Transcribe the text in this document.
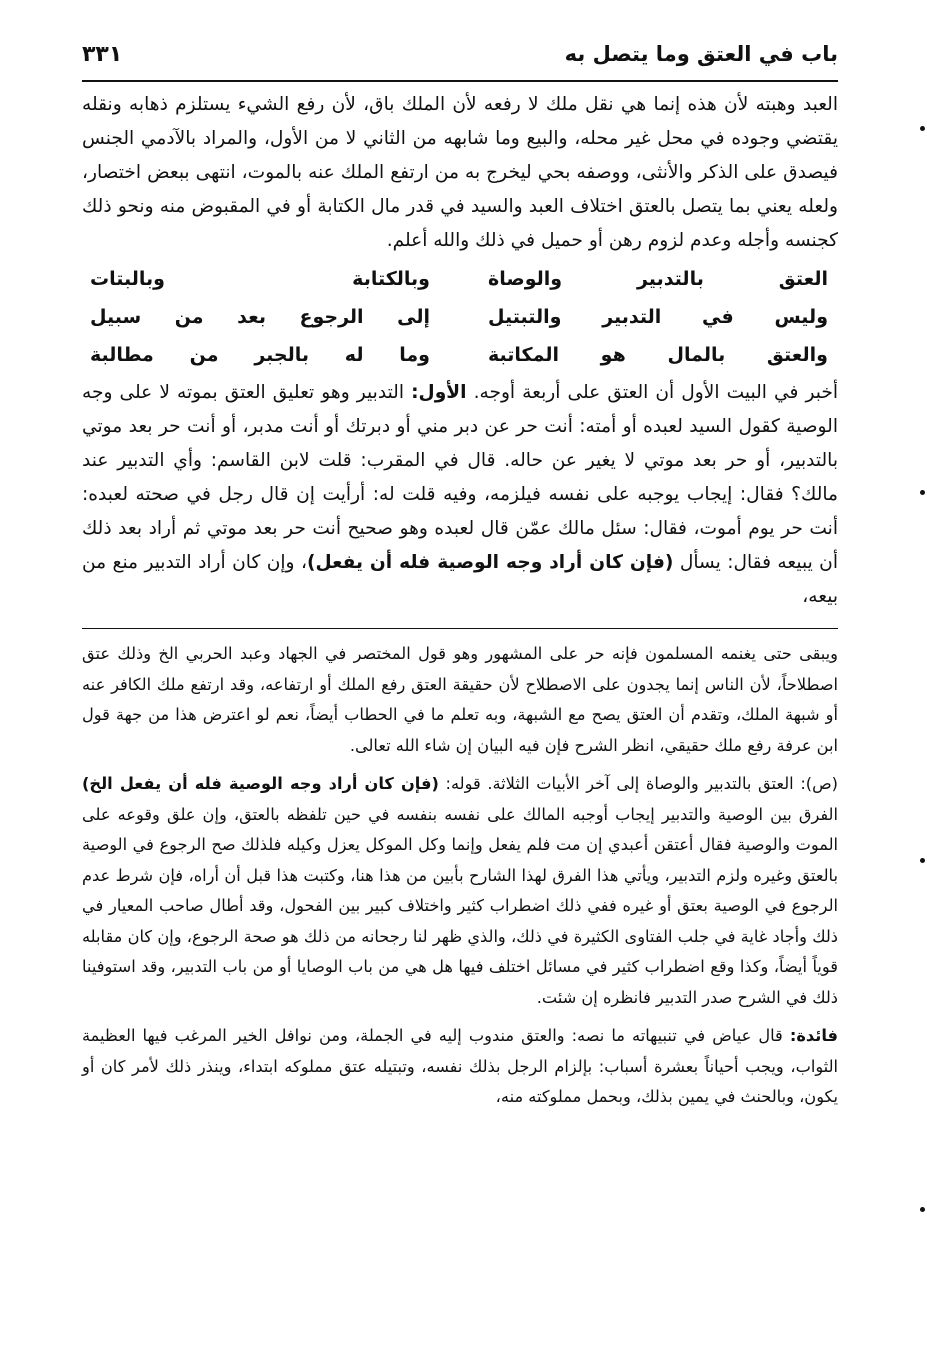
باب في العتق وما يتصل به
٣٣١

العبد وهبته لأن هذه إنما هي نقل ملك لا رفعه لأن الملك باق، لأن رفع الشيء يستلزم ذهابه ونقله يقتضي وجوده في محل غير محله، والبيع وما شابهه من الثاني لا من الأول، والمراد بالآدمي الجنس فيصدق على الذكر والأنثى، ووصفه بحي ليخرج به من ارتفع الملك عنه بالموت، انتهى ببعض اختصار، ولعله يعني بما يتصل بالعتق اختلاف العبد والسيد في قدر مال الكتابة أو في المقبوض منه ونحو ذلك كجنسه وأجله وعدم لزوم رهن أو حميل في ذلك والله أعلم.

العتق بالتدبير والوصاة
وبالكتابة وبالبتات
وليس في التدبير والتبتيل
إلى الرجوع بعد من سبيل
والعتق بالمال هو المكاتبة
وما له بالجبر من مطالبة

أخبر في البيت الأول أن العتق على أربعة أوجه. الأول: التدبير وهو تعليق العتق بموته لا على وجه الوصية كقول السيد لعبده أو أمته: أنت حر عن دبر مني أو دبرتك أو أنت مدبر، أو أنت حر بعد موتي بالتدبير، أو حر بعد موتي لا يغير عن حاله. قال في المقرب: قلت لابن القاسم: وأي التدبير عند مالك؟ فقال: إيجاب يوجبه على نفسه فيلزمه، وفيه قلت له: أرأيت إن قال رجل في صحته لعبده: أنت حر يوم أموت، فقال: سئل مالك عمّن قال لعبده وهو صحيح أنت حر بعد موتي ثم أراد بعد ذلك أن يبيعه فقال: يسأل (فإن كان أراد وجه الوصية فله أن يفعل)، وإن كان أراد التدبير منع من بيعه،

ويبقى حتى يغنمه المسلمون فإنه حر على المشهور وهو قول المختصر في الجهاد وعبد الحربي الخ وذلك عتق اصطلاحاً، لأن الناس إنما يجدون على الاصطلاح لأن حقيقة العتق رفع الملك أو ارتفاعه، وقد ارتفع ملك الكافر عنه أو شبهة الملك، وتقدم أن العتق يصح مع الشبهة، وبه تعلم ما في الحطاب أيضاً، نعم لو اعترض هذا من جهة قول ابن عرفة رفع ملك حقيقي، انظر الشرح فإن فيه البيان إن شاء الله تعالى.

(ص): العتق بالتدبير والوصاة إلى آخر الأبيات الثلاثة. قوله: (فإن كان أراد وجه الوصية فله أن يفعل الخ) الفرق بين الوصية والتدبير إيجاب أوجبه المالك على نفسه بنفسه في حين تلفظه بالعتق، وإن علق وقوعه على الموت والوصية فقال أعتقن أعبدي إن مت فلم يفعل وإنما وكل الموكل يعزل وكيله فلذلك صح الرجوع في الوصية بالعتق وغيره ولزم التدبير، ويأتي هذا الفرق لهذا الشارح بأبين من هذا هنا، وكتبت هذا قبل أن أراه، فإن شرط عدم الرجوع في الوصية بعتق أو غيره ففي ذلك اضطراب كثير واختلاف كبير بين الفحول، وقد أطال صاحب المعيار في ذلك وأجاد غاية في جلب الفتاوى الكثيرة في ذلك، والذي ظهر لنا رجحانه من ذلك هو صحة الرجوع، وإن كان مقابله قوياً أيضاً، وكذا وقع اضطراب كثير في مسائل اختلف فيها هل هي من باب الوصايا أو من باب التدبير، وقد استوفينا ذلك في الشرح صدر التدبير فانظره إن شئت.

فائدة: قال عياض في تنبيهاته ما نصه: والعتق مندوب إليه في الجملة، ومن نوافل الخير المرغب فيها العظيمة الثواب، ويجب أحياناً بعشرة أسباب: بإلزام الرجل بذلك نفسه، وتبتيله عتق مملوكه ابتداء، وينذر ذلك لأمر كان أو يكون، وبالحنث في يمين بذلك، وبحمل مملوكته منه،
